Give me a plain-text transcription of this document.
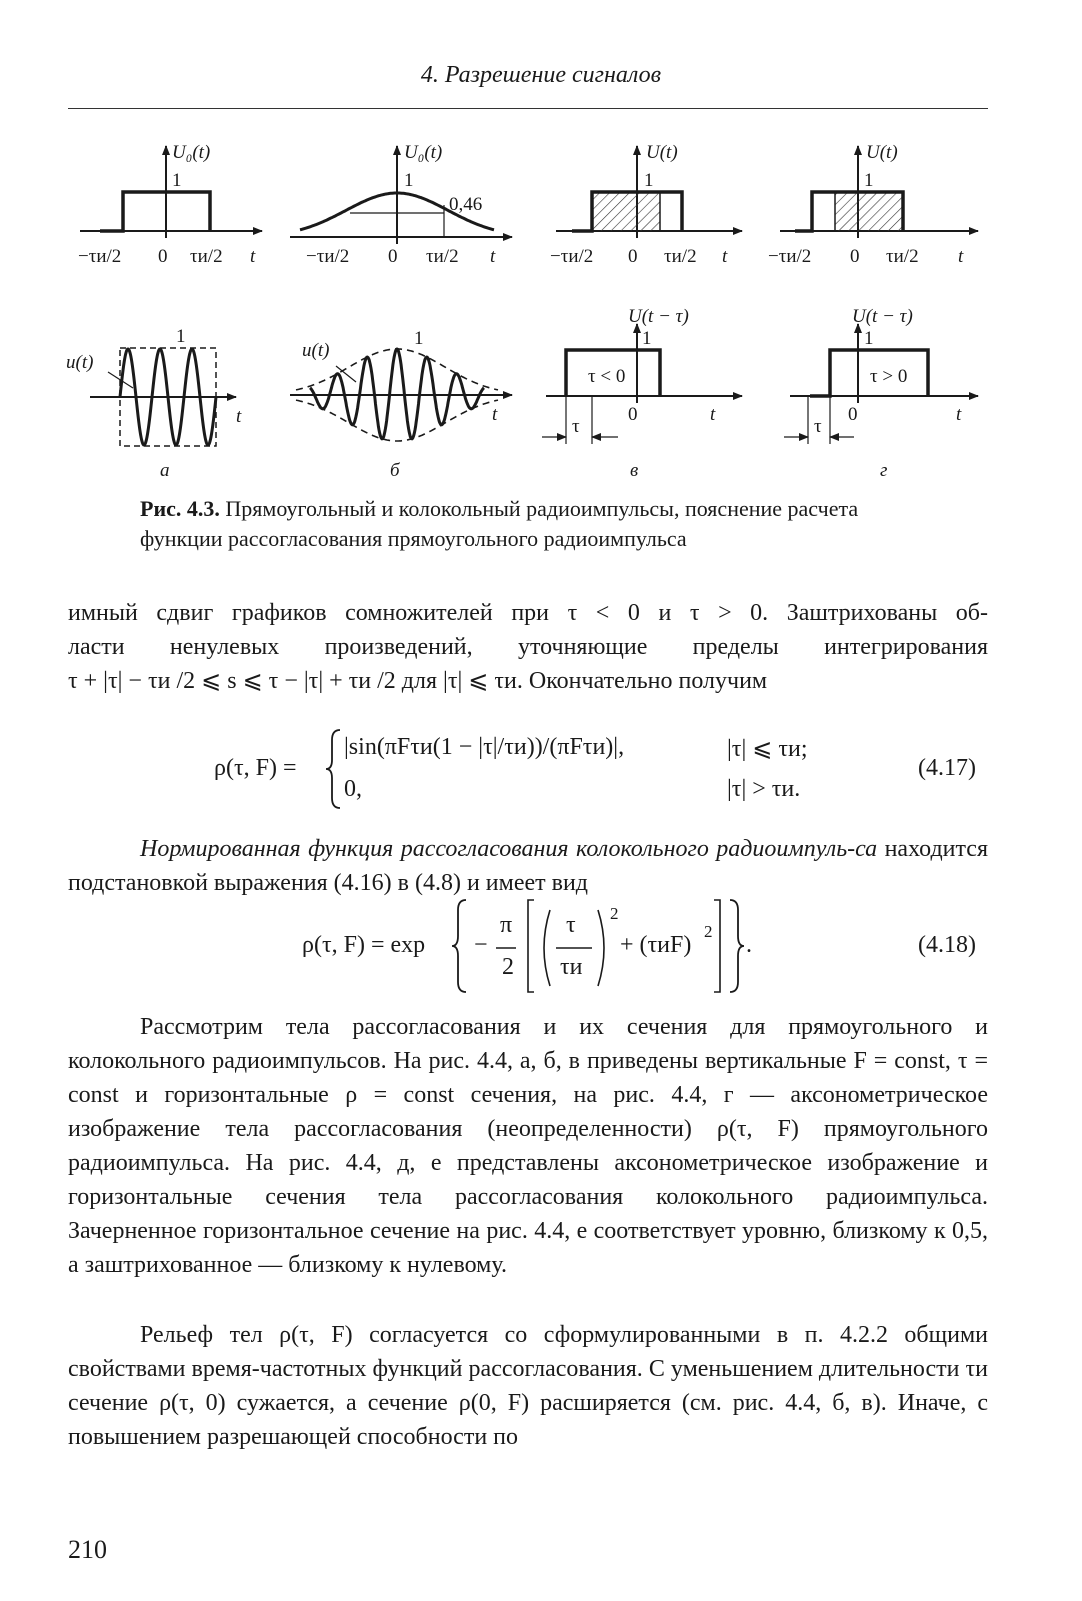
4. Разрешение сигналов
U₀(t)
1
−τи/2 0 τи/2 t
u(t)
1
t
а
U₀(t)
1
0,46
−τи/2 0 τи/2 t
u(t)
1
t
б
U(t)
1
−τи/2 0 τи/2 t
U(t − τ)
1
τ < 0
0	t
τ
в
U(t)
1
−τи/2 0 τи/2 t
U(t − τ)
1
τ > 0
0	t
τ
г
Рис. 4.3. Прямоугольный и колокольный радиоимпульсы, пояснение расчета функции рассогласования прямоугольного радиоимпульса
имный сдвиг графиков сомножителей при τ < 0 и τ > 0. Заштрихованы об-
ласти ненулевых произведений, уточняющие пределы интегрирования
τ + |τ| − τи /2 ⩽ s ⩽ τ − |τ| + τи /2 для |τ| ⩽ τи. Окончательно получим
ρ(τ, F) =
|sin(πFτи(1 − |τ|/τи))/(πFτи)|,	|τ| ⩽ τи;
0,	|τ| > τи.
(4.17)
Нормированная функция рассогласования колокольного радиоимпуль-са находится подстановкой выражения (4.16) в (4.8) и имеет вид
ρ(τ, F) = exp −
π
2
τ
τи
2
+ (τиF)
2
.	(4.18)
Рассмотрим тела рассогласования и их сечения для прямоугольного и колокольного радиоимпульсов. На рис. 4.4, а, б, в приведены вертикальные F = const, τ = const и горизонтальные ρ = const сечения, на рис. 4.4, г — аксонометрическое изображение тела рассогласования (неопределенности) ρ(τ, F) прямоугольного радиоимпульса. На рис. 4.4, д, е представлены аксонометрическое изображение и горизонтальные сечения тела рассогласования колокольного радиоимпульса. Зачерненное горизонтальное сечение на рис. 4.4, е соответствует уровню, близкому к 0,5, а заштрихованное — близкому к нулевому.
Рельеф тел ρ(τ, F) согласуется со сформулированными в п. 4.2.2 общими свойствами время-частотных функций рассогласования. С уменьшением длительности τи сечение ρ(τ, 0) сужается, а сечение ρ(0, F) расширяется (см. рис. 4.4, б, в). Иначе, с повышением разрешающей способности по
210
